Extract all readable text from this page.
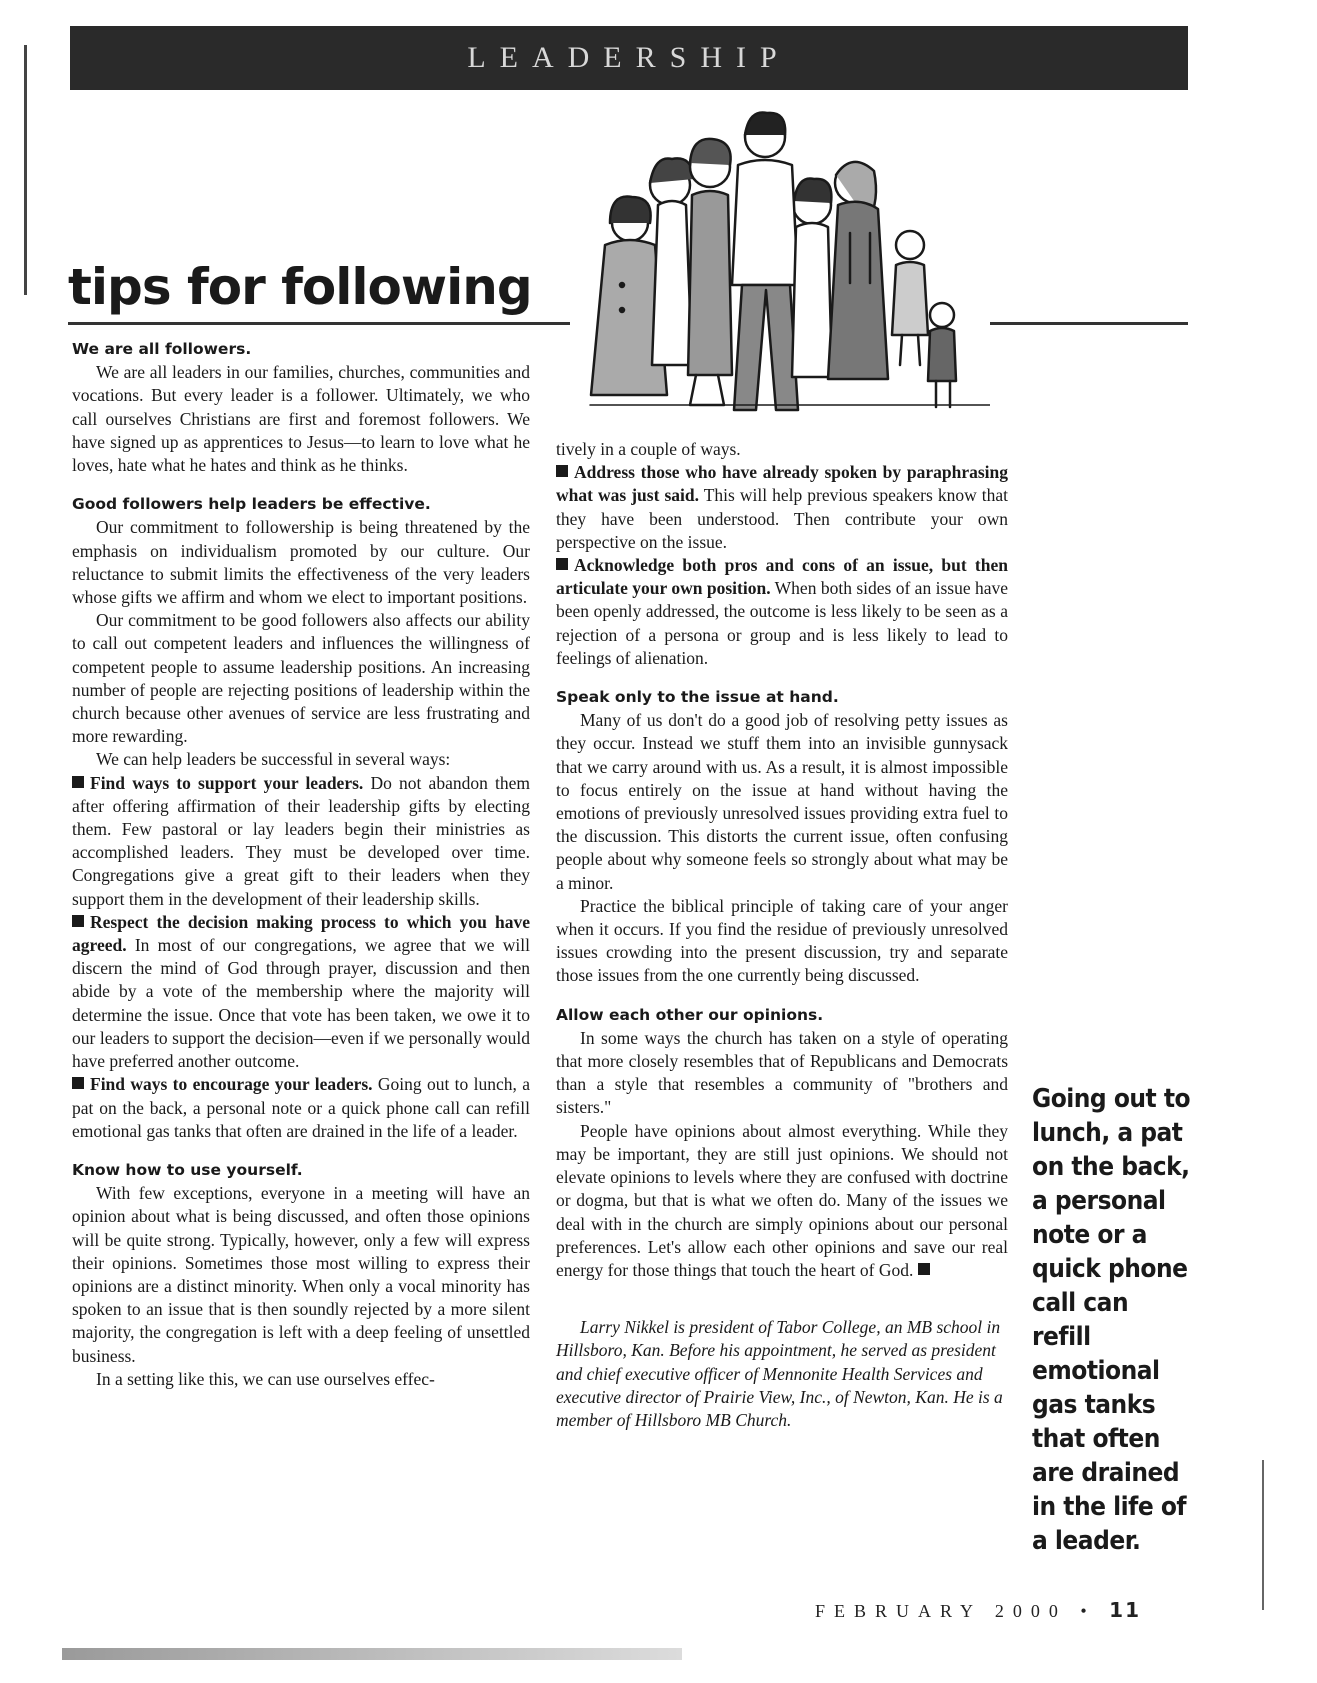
LEADERSHIP
tips for following

We are all followers.

We are all leaders in our families, churches, communities and vocations. But every leader is a follower. Ultimately, we who call ourselves Christians are first and foremost followers. We have signed up as apprentices to Jesus—to learn to love what he loves, hate what he hates and think as he thinks.

Good followers help leaders be effective.

Our commitment to followership is being threatened by the emphasis on individualism promoted by our culture. Our reluctance to submit limits the effectiveness of the very leaders whose gifts we affirm and whom we elect to important positions.

Our commitment to be good followers also affects our ability to call out competent leaders and influences the willingness of competent people to assume leadership positions. An increasing number of people are rejecting positions of leadership within the church because other avenues of service are less frustrating and more rewarding.

We can help leaders be successful in several ways:

Find ways to support your leaders. Do not abandon them after offering affirmation of their leadership gifts by electing them. Few pastoral or lay leaders begin their ministries as accomplished leaders. They must be developed over time. Congregations give a great gift to their leaders when they support them in the development of their leadership skills.

Respect the decision making process to which you have agreed. In most of our congregations, we agree that we will discern the mind of God through prayer, discussion and then abide by a vote of the membership where the majority will determine the issue. Once that vote has been taken, we owe it to our leaders to support the decision—even if we personally would have preferred another outcome.

Find ways to encourage your leaders. Going out to lunch, a pat on the back, a personal note or a quick phone call can refill emotional gas tanks that often are drained in the life of a leader.

Know how to use yourself.

With few exceptions, everyone in a meeting will have an opinion about what is being discussed, and often those opinions will be quite strong. Typically, however, only a few will express their opinions. Sometimes those most willing to express their opinions are a distinct minority. When only a vocal minority has spoken to an issue that is then soundly rejected by a more silent majority, the congregation is left with a deep feeling of unsettled business.

In a setting like this, we can use ourselves effec-

tively in a couple of ways.

Address those who have already spoken by paraphrasing what was just said. This will help previous speakers know that they have been understood. Then contribute your own perspective on the issue.

Acknowledge both pros and cons of an issue, but then articulate your own position. When both sides of an issue have been openly addressed, the outcome is less likely to be seen as a rejection of a persona or group and is less likely to lead to feelings of alienation.

Speak only to the issue at hand.

Many of us don't do a good job of resolving petty issues as they occur. Instead we stuff them into an invisible gunnysack that we carry around with us. As a result, it is almost impossible to focus entirely on the issue at hand without having the emotions of previously unresolved issues providing extra fuel to the discussion. This distorts the current issue, often confusing people about why someone feels so strongly about what may be a minor.

Practice the biblical principle of taking care of your anger when it occurs. If you find the residue of previously unresolved issues crowding into the present discussion, try and separate those issues from the one currently being discussed.

Allow each other our opinions.

In some ways the church has taken on a style of operating that more closely resembles that of Republicans and Democrats than a style that resembles a community of "brothers and sisters."

People have opinions about almost everything. While they may be important, they are still just opinions. We should not elevate opinions to levels where they are confused with doctrine or dogma, but that is what we often do. Many of the issues we deal with in the church are simply opinions about our personal preferences. Let's allow each other opinions and save our real energy for those things that touch the heart of God.

Larry Nikkel is president of Tabor College, an MB school in Hillsboro, Kan. Before his appointment, he served as president and chief executive officer of Mennonite Health Services and executive director of Prairie View, Inc., of Newton, Kan. He is a member of Hillsboro MB Church.

Going out to lunch, a pat on the back, a personal note or a quick phone call can refill emotional gas tanks that often are drained in the life of a leader.
FEBRUARY 2000 • 11
